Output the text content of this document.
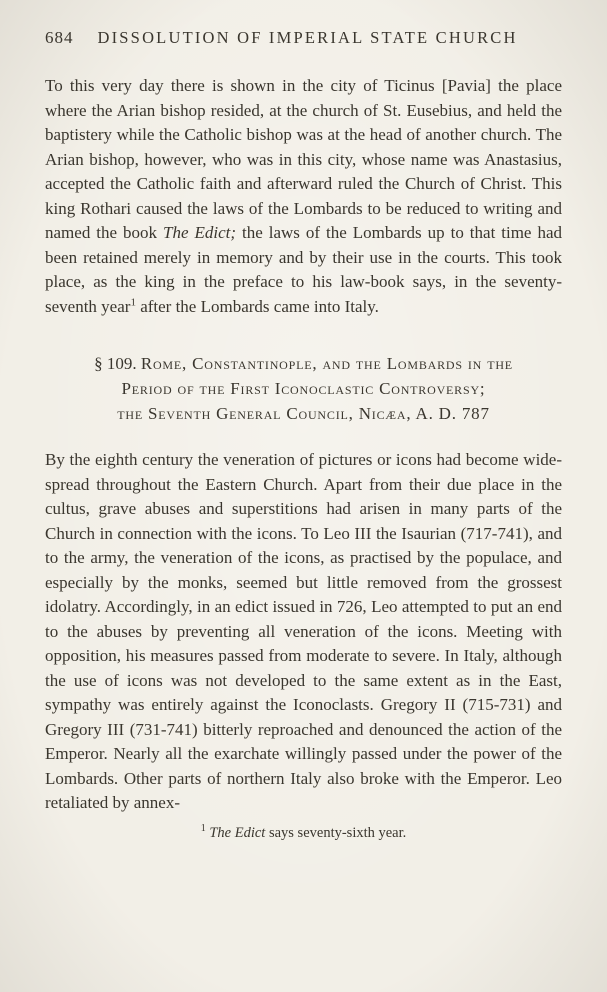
684 DISSOLUTION OF IMPERIAL STATE CHURCH

To this very day there is shown in the city of Ticinus [Pavia] the place where the Arian bishop resided, at the church of St. Eusebius, and held the baptistery while the Catholic bishop was at the head of another church. The Arian bishop, however, who was in this city, whose name was Anastasius, accepted the Catholic faith and afterward ruled the Church of Christ. This king Rothari caused the laws of the Lombards to be reduced to writing and named the book The Edict; the laws of the Lombards up to that time had been retained merely in memory and by their use in the courts. This took place, as the king in the preface to his law-book says, in the seventy-seventh year$^1$ after the Lombards came into Italy.

§ 109. Rome, Constantinople, and the Lombards in the
Period of the First Iconoclastic Controversy;
the Seventh General Council, Nicæa, A. D. 787

By the eighth century the veneration of pictures or icons had become wide-spread throughout the Eastern Church. Apart from their due place in the cultus, grave abuses and superstitions had arisen in many parts of the Church in connection with the icons. To Leo III the Isaurian (717-741), and to the army, the veneration of the icons, as practised by the populace, and especially by the monks, seemed but little removed from the grossest idolatry. Accordingly, in an edict issued in 726, Leo attempted to put an end to the abuses by preventing all veneration of the icons. Meeting with opposition, his measures passed from moderate to severe. In Italy, although the use of icons was not developed to the same extent as in the East, sympathy was entirely against the Iconoclasts. Gregory II (715-731) and Gregory III (731-741) bitterly reproached and denounced the action of the Emperor. Nearly all the exarchate willingly passed under the power of the Lombards. Other parts of northern Italy also broke with the Emperor. Leo retaliated by annex-

$^1$ The Edict says seventy-sixth year.
